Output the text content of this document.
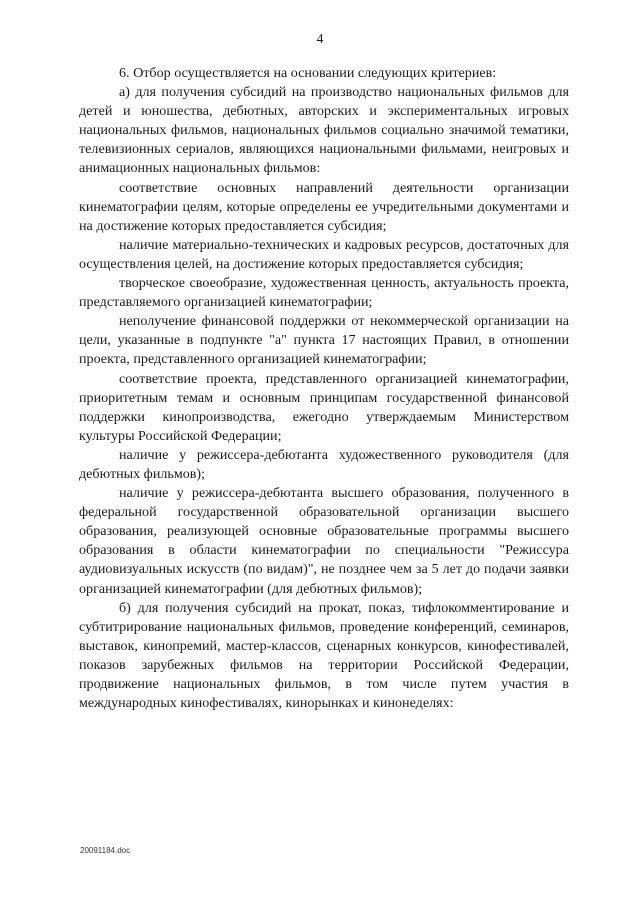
4

6. Отбор осуществляется на основании следующих критериев:

а) для получения субсидий на производство национальных фильмов для детей и юношества, дебютных, авторских и экспериментальных игровых национальных фильмов, национальных фильмов социально значимой тематики, телевизионных сериалов, являющихся национальными фильмами, неигровых и анимационных национальных фильмов:

соответствие основных направлений деятельности организации кинематографии целям, которые определены ее учредительными документами и на достижение которых предоставляется субсидия;

наличие материально-технических и кадровых ресурсов, достаточных для осуществления целей, на достижение которых предоставляется субсидия;

творческое своеобразие, художественная ценность, актуальность проекта, представляемого организацией кинематографии;

неполучение финансовой поддержки от некоммерческой организации на цели, указанные в подпункте "а" пункта 17 настоящих Правил, в отношении проекта, представленного организацией кинематографии;

соответствие проекта, представленного организацией кинематографии, приоритетным темам и основным принципам государственной финансовой поддержки кинопроизводства, ежегодно утверждаемым Министерством культуры Российской Федерации;

наличие у режиссера-дебютанта художественного руководителя (для дебютных фильмов);

наличие у режиссера-дебютанта высшего образования, полученного в федеральной государственной образовательной организации высшего образования, реализующей основные образовательные программы высшего образования в области кинематографии по специальности "Режиссура аудиовизуальных искусств (по видам)", не позднее чем за 5 лет до подачи заявки организацией кинематографии (для дебютных фильмов);

б) для получения субсидий на прокат, показ, тифлокомментирование и субтитрирование национальных фильмов, проведение конференций, семинаров, выставок, кинопремий, мастер-классов, сценарных конкурсов, кинофестивалей, показов зарубежных фильмов на территории Российской Федерации, продвижение национальных фильмов, в том числе путем участия в международных кинофестивалях, кинорынках и кинонеделях:

20091184.doc
